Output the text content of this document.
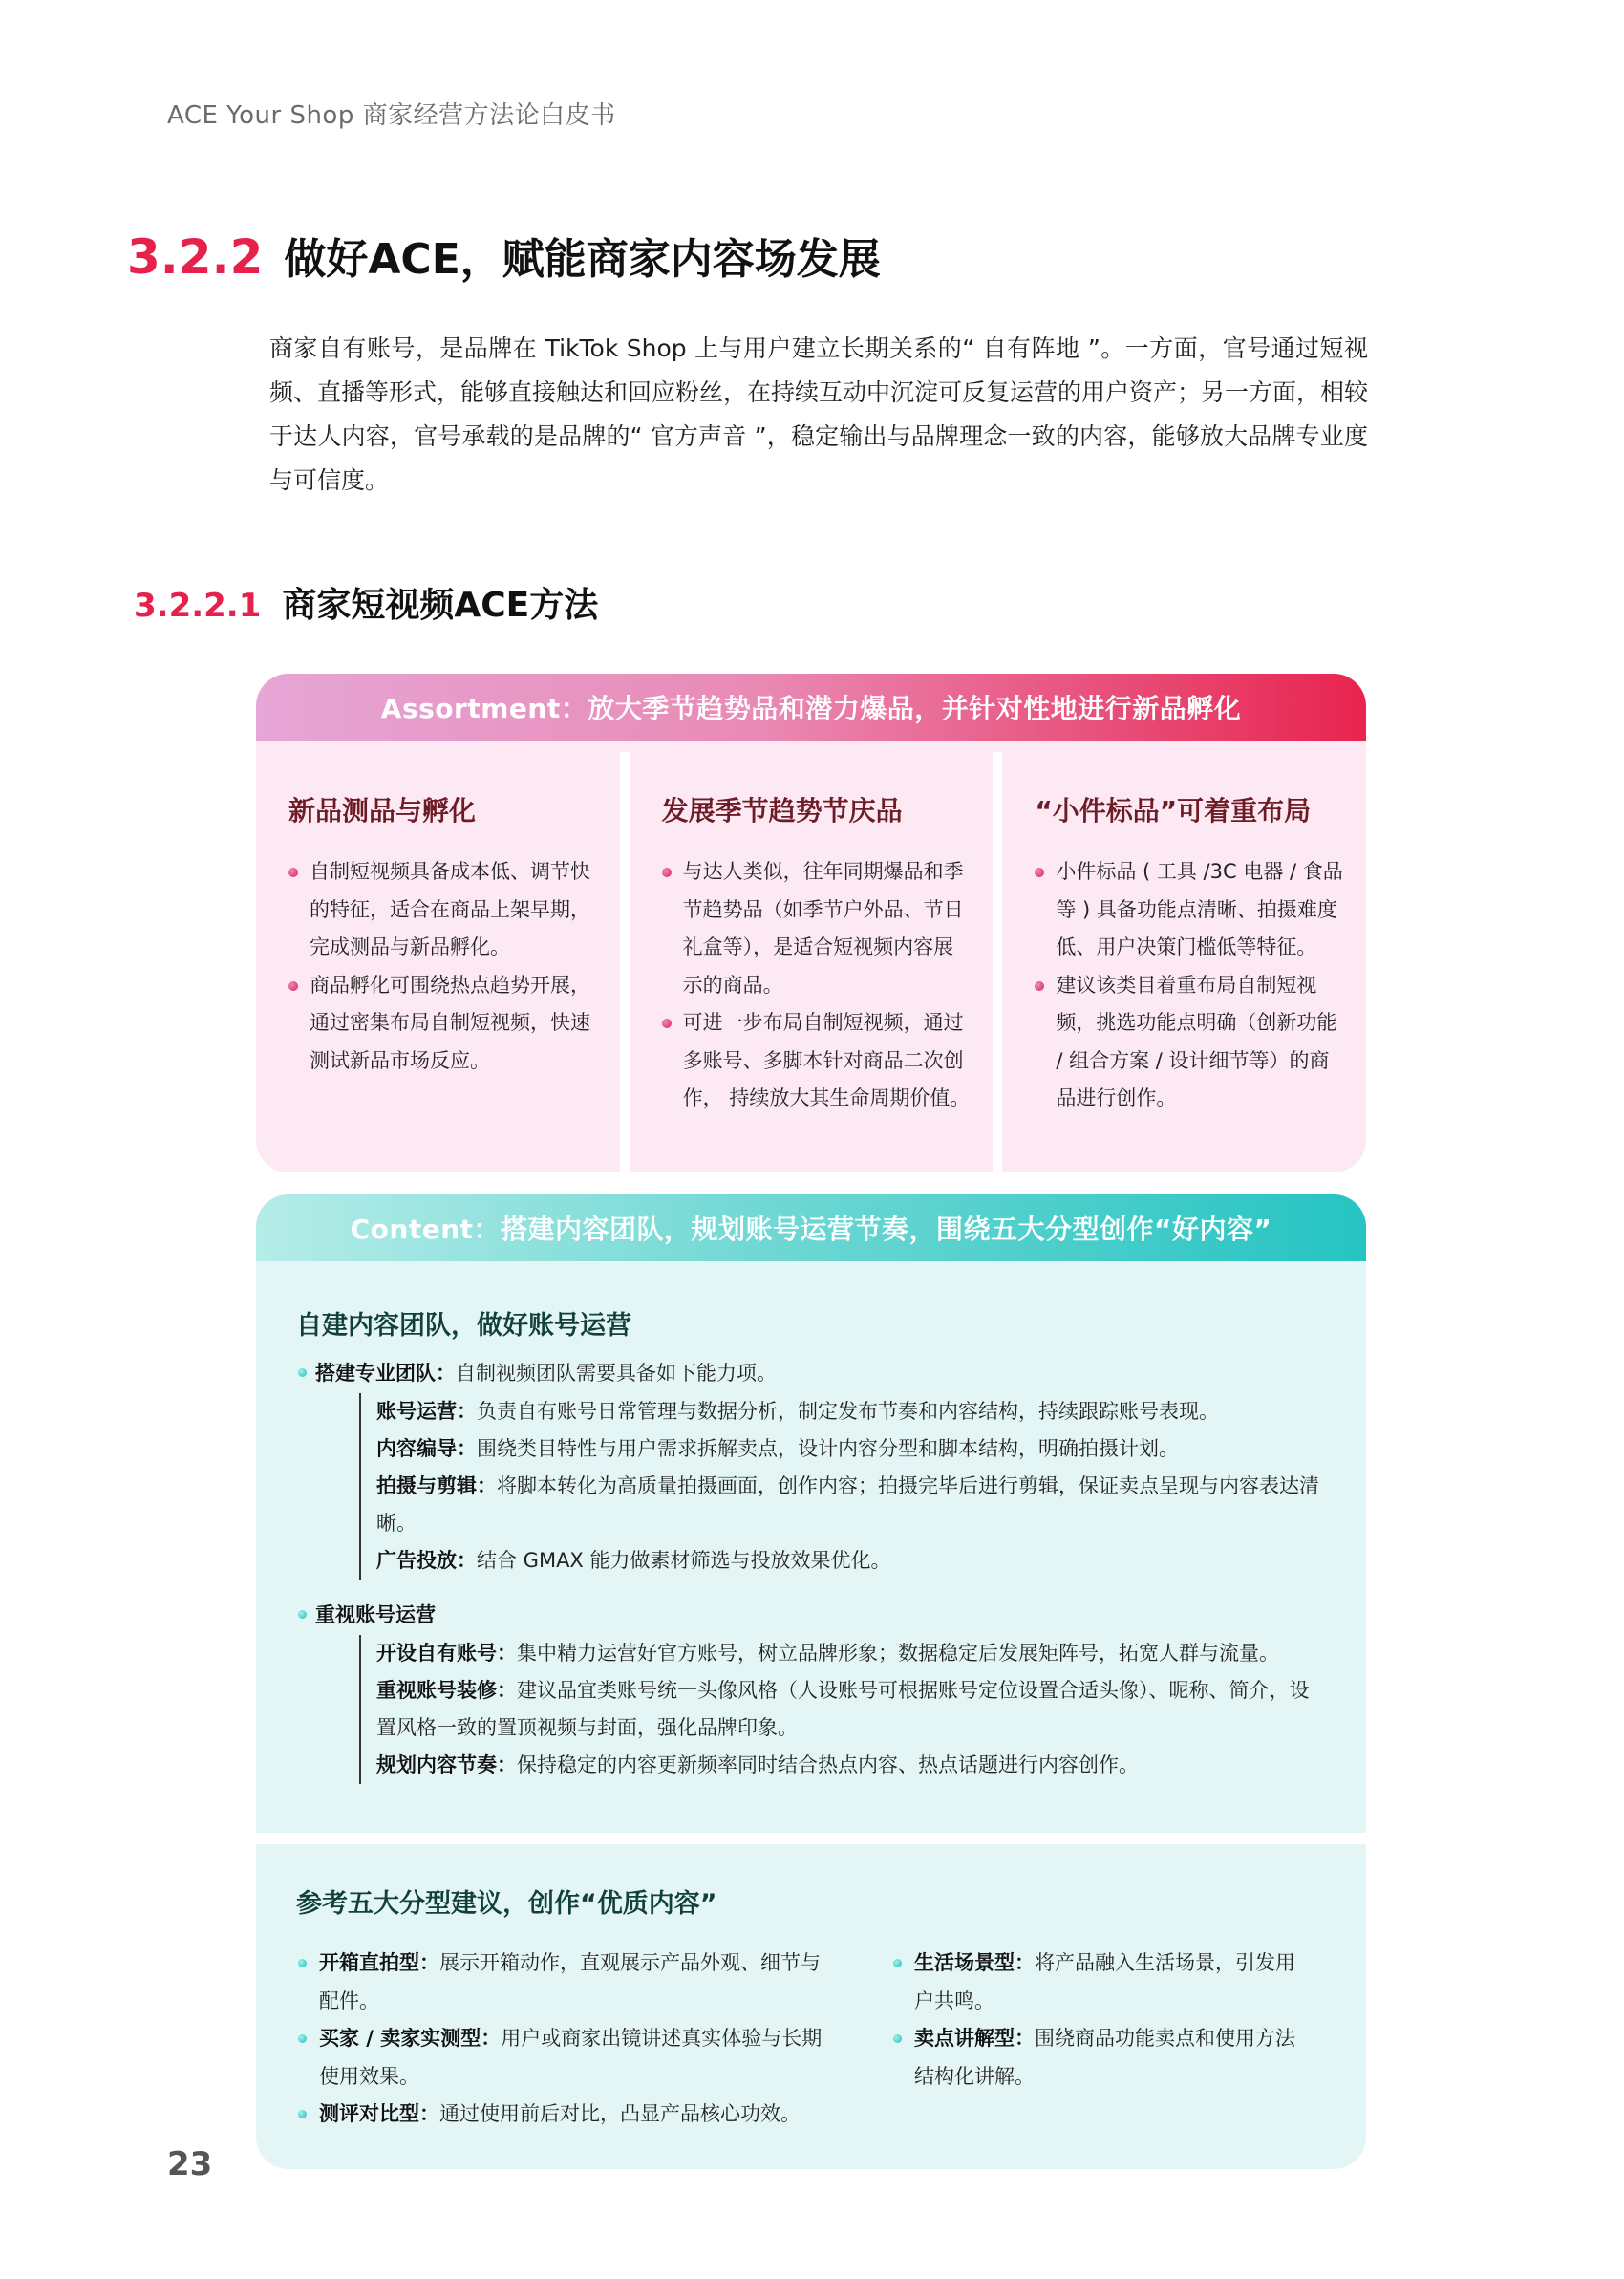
ACE Your Shop 商家经营方法论白皮书
3.2.2 做好ACE，赋能商家内容场发展

商家自有账号，是品牌在 TikTok Shop 上与用户建立长期关系的“ 自有阵地 ”。一方面，官号通过短视频、直播等形式，能够直接触达和回应粉丝，在持续互动中沉淀可反复运营的用户资产；另一方面，相较于达人内容，官号承载的是品牌的“ 官方声音 ”，稳定输出与品牌理念一致的内容，能够放大品牌专业度与可信度。

3.2.2.1 商家短视频ACE方法
Assortment：放大季节趋势品和潜力爆品，并针对性地进行新品孵化
新品测品与孵化
自制短视频具备成本低、调节快的特征，适合在商品上架早期，完成测品与新品孵化。
商品孵化可围绕热点趋势开展，通过密集布局自制短视频，快速测试新品市场反应。
发展季节趋势节庆品
与达人类似，往年同期爆品和季节趋势品（如季节户外品、节日礼盒等），是适合短视频内容展示的商品。
可进一步布局自制短视频，通过多账号、多脚本针对商品二次创作， 持续放大其生命周期价值。
“小件标品”可着重布局
小件标品 ( 工具 /3C 电器 / 食品等 ) 具备功能点清晰、拍摄难度低、用户决策门槛低等特征。
建议该类目着重布局自制短视频，挑选功能点明确（创新功能 / 组合方案 / 设计细节等）的商品进行创作。
Content：搭建内容团队，规划账号运营节奏，围绕五大分型创作“好内容”
自建内容团队，做好账号运营
搭建专业团队：自制视频团队需要具备如下能力项。

账号运营：负责自有账号日常管理与数据分析，制定发布节奏和内容结构，持续跟踪账号表现。

内容编导：围绕类目特性与用户需求拆解卖点，设计内容分型和脚本结构，明确拍摄计划。

拍摄与剪辑：将脚本转化为高质量拍摄画面，创作内容；拍摄完毕后进行剪辑，保证卖点呈现与内容表达清晰。

广告投放：结合 GMAX 能力做素材筛选与投放效果优化。

重视账号运营

开设自有账号：集中精力运营好官方账号，树立品牌形象；数据稳定后发展矩阵号，拓宽人群与流量。

重视账号装修：建议品宜类账号统一头像风格（人设账号可根据账号定位设置合适头像）、昵称、简介，设置风格一致的置顶视频与封面，强化品牌印象。

规划内容节奏：保持稳定的内容更新频率同时结合热点内容、热点话题进行内容创作。

参考五大分型建议，创作“优质内容”
开箱直拍型：展示开箱动作，直观展示产品外观、细节与配件。
买家 / 卖家实测型：用户或商家出镜讲述真实体验与长期使用效果。
测评对比型：通过使用前后对比，凸显产品核心功效。
生活场景型：将产品融入生活场景，引发用户共鸣。
卖点讲解型：围绕商品功能卖点和使用方法结构化讲解。
23
